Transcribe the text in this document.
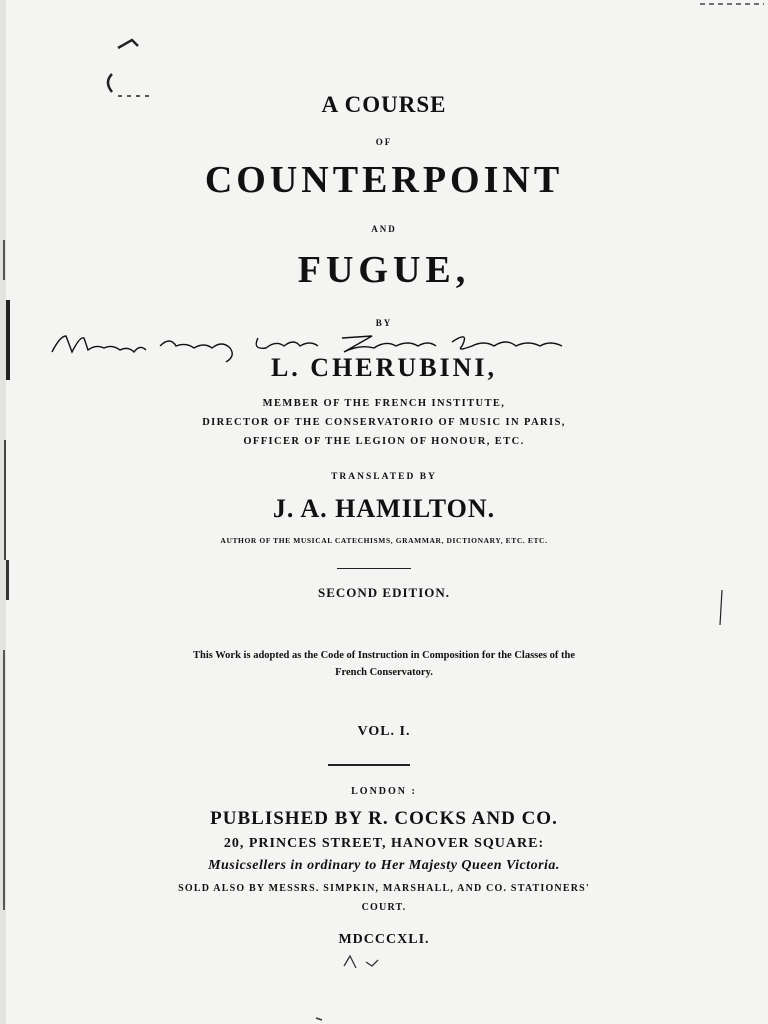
A COURSE
OF
COUNTERPOINT
AND
FUGUE,
BY
L. CHERUBINI,
MEMBER OF THE FRENCH INSTITUTE,
DIRECTOR OF THE CONSERVATORIO OF MUSIC IN PARIS,
OFFICER OF THE LEGION OF HONOUR, ETC.
TRANSLATED BY
J. A. HAMILTON.
AUTHOR OF THE MUSICAL CATECHISMS, GRAMMAR, DICTIONARY, ETC. ETC.
SECOND EDITION.
This Work is adopted as the Code of Instruction in Composition for the Classes of the
French Conservatory.
VOL. I.
LONDON :
PUBLISHED BY R. COCKS AND CO.
20, PRINCES STREET, HANOVER SQUARE:
Musicsellers in ordinary to Her Majesty Queen Victoria.
SOLD ALSO BY MESSRS. SIMPKIN, MARSHALL, AND CO. STATIONERS'
COURT.
MDCCCXLI.
